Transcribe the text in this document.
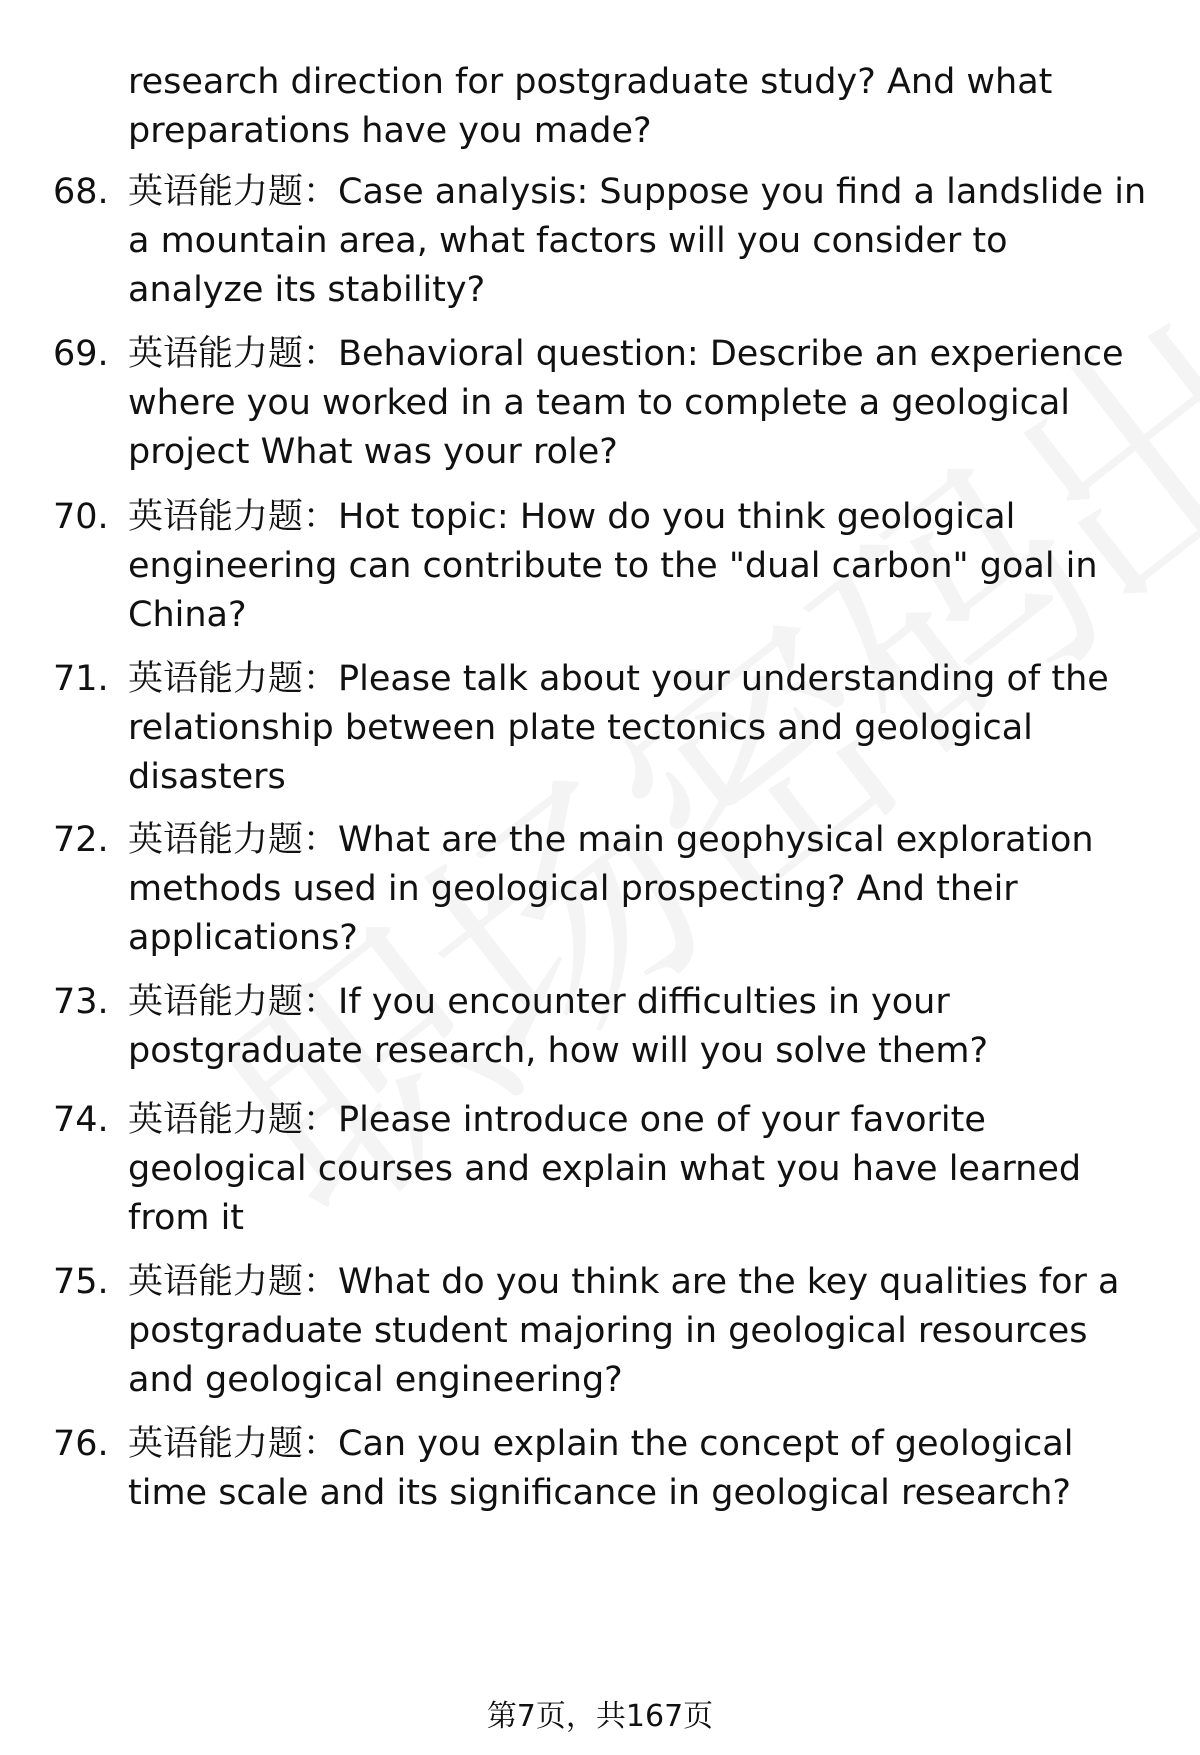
research direction for postgraduate study? And what preparations have you made?

68. 英语能力题：Case analysis: Suppose you find a landslide in a mountain area, what factors will you consider to analyze its stability?

69. 英语能力题：Behavioral question: Describe an experience where you worked in a team to complete a geological project What was your role?

70. 英语能力题：Hot topic: How do you think geological engineering can contribute to the "dual carbon" goal in China?

71. 英语能力题：Please talk about your understanding of the relationship between plate tectonics and geological disasters

72. 英语能力题：What are the main geophysical exploration methods used in geological prospecting? And their applications?

73. 英语能力题：If you encounter difficulties in your postgraduate research, how will you solve them?

74. 英语能力题：Please introduce one of your favorite geological courses and explain what you have learned from it

75. 英语能力题：What do you think are the key qualities for a postgraduate student majoring in geological resources and geological engineering?

76. 英语能力题：Can you explain the concept of geological time scale and its significance in geological research?

第7页，共167页
